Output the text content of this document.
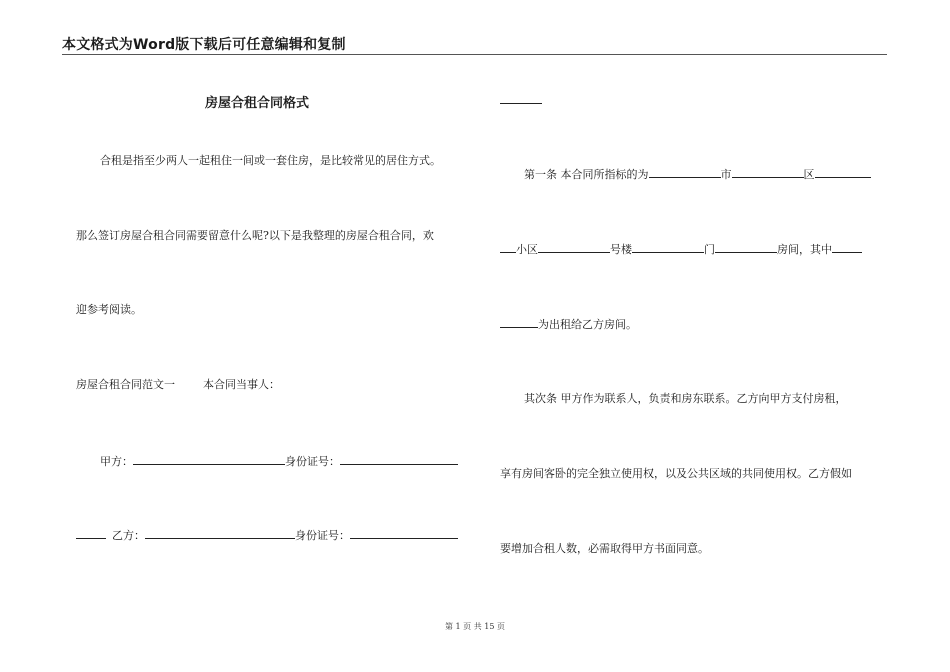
本文格式为Word版下载后可任意编辑和复制
房屋合租合同格式
合租是指至少两人一起租住一间或一套住房，是比较常见的居住方式。
那么签订房屋合租合同需要留意什么呢?以下是我整理的房屋合租合同，欢
迎参考阅读。
房屋合租合同范文一	本合同当事人：
甲方：	身份证号：
乙方：	身份证号：
第一条 本合同所指标的为	市	区
小区	号楼	门	房间，其中
为出租给乙方房间。
其次条 甲方作为联系人，负责和房东联系。乙方向甲方支付房租，
享有房间客卧的完全独立使用权，以及公共区域的共同使用权。乙方假如
要增加合租人数，必需取得甲方书面同意。
第 1 页 共 15 页
